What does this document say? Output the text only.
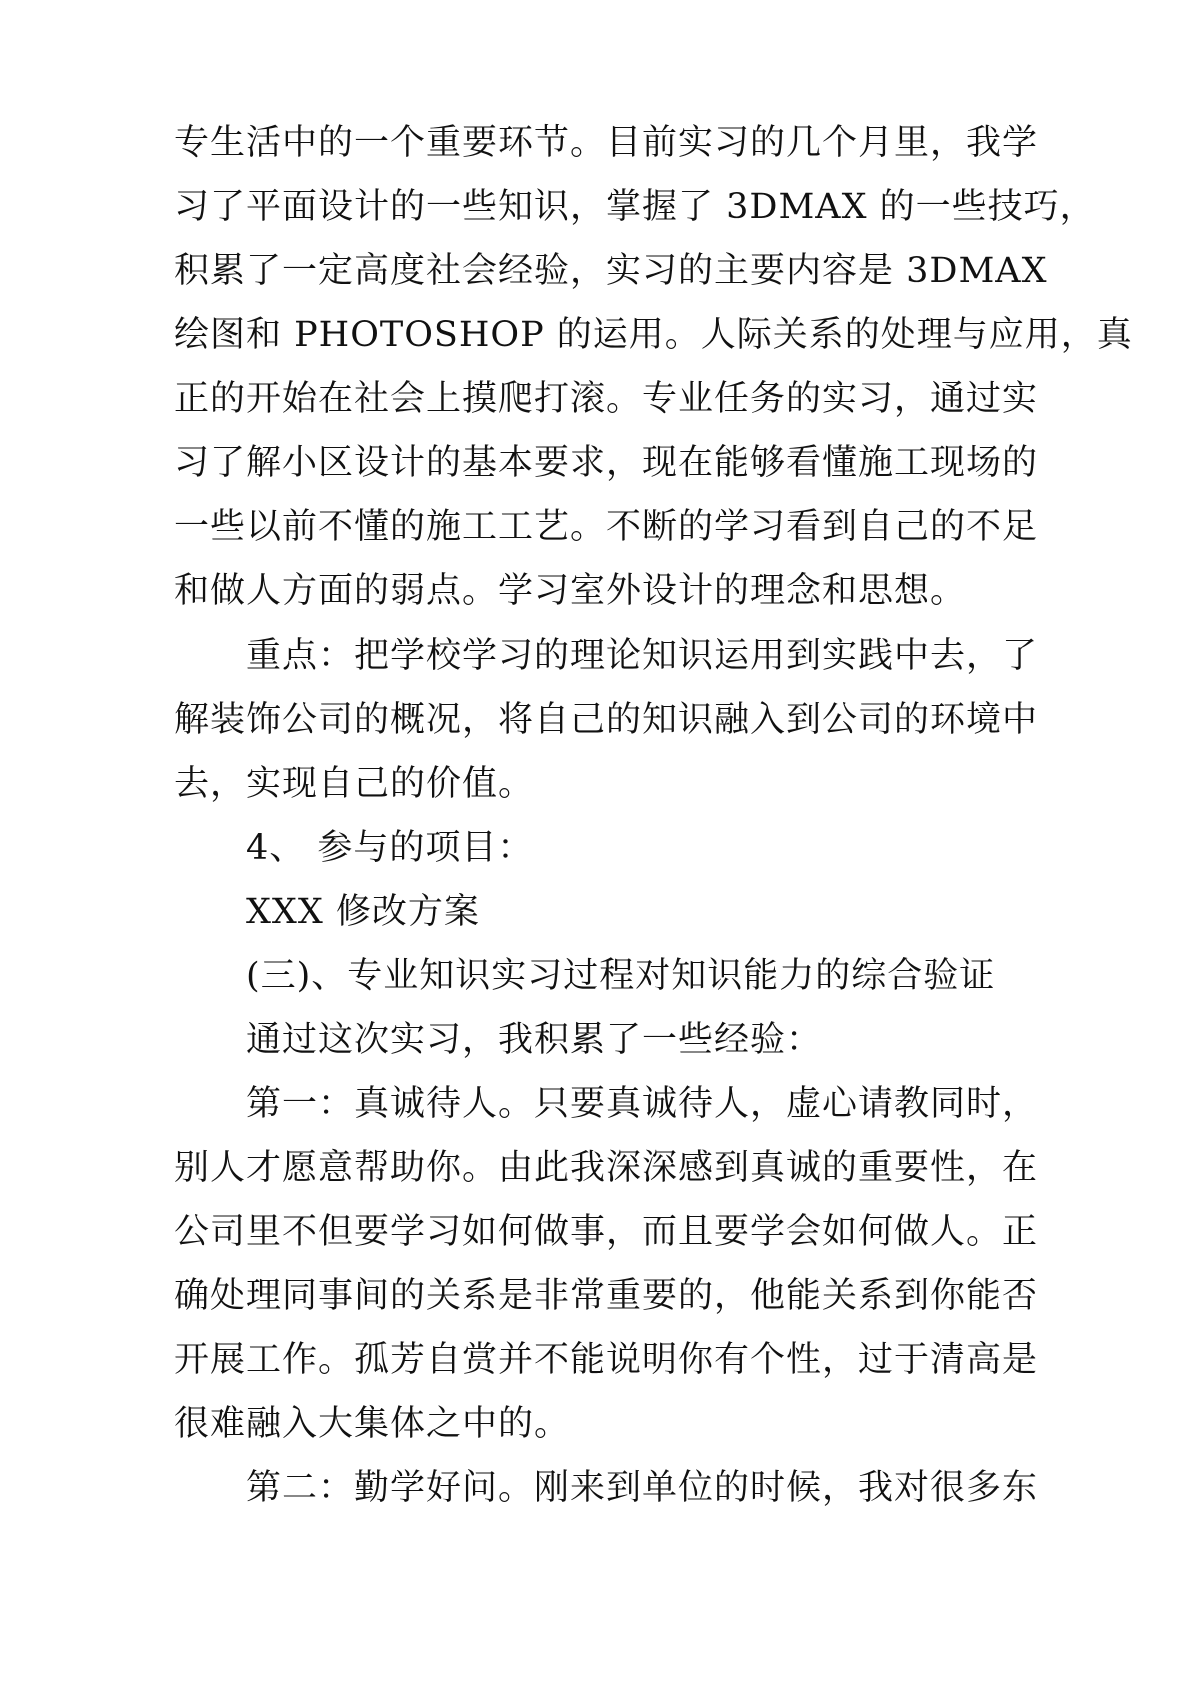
专生活中的一个重要环节。目前实习的几个月里，我学
习了平面设计的一些知识，掌握了 3DMAX 的一些技巧，
积累了一定高度社会经验，实习的主要内容是 3DMAX
绘图和 PHOTOSHOP 的运用。人际关系的处理与应用，真
正的开始在社会上摸爬打滚。专业任务的实习，通过实
习了解小区设计的基本要求，现在能够看懂施工现场的
一些以前不懂的施工工艺。不断的学习看到自己的不足
和做人方面的弱点。学习室外设计的理念和思想。
重点：把学校学习的理论知识运用到实践中去，了
解装饰公司的概况，将自己的知识融入到公司的环境中
去，实现自己的价值。
4、 参与的项目：
XXX 修改方案
(三)、专业知识实习过程对知识能力的综合验证
通过这次实习，我积累了一些经验：
第一：真诚待人。只要真诚待人，虚心请教同时，
别人才愿意帮助你。由此我深深感到真诚的重要性，在
公司里不但要学习如何做事，而且要学会如何做人。正
确处理同事间的关系是非常重要的，他能关系到你能否
开展工作。孤芳自赏并不能说明你有个性，过于清高是
很难融入大集体之中的。
第二：勤学好问。刚来到单位的时候，我对很多东
